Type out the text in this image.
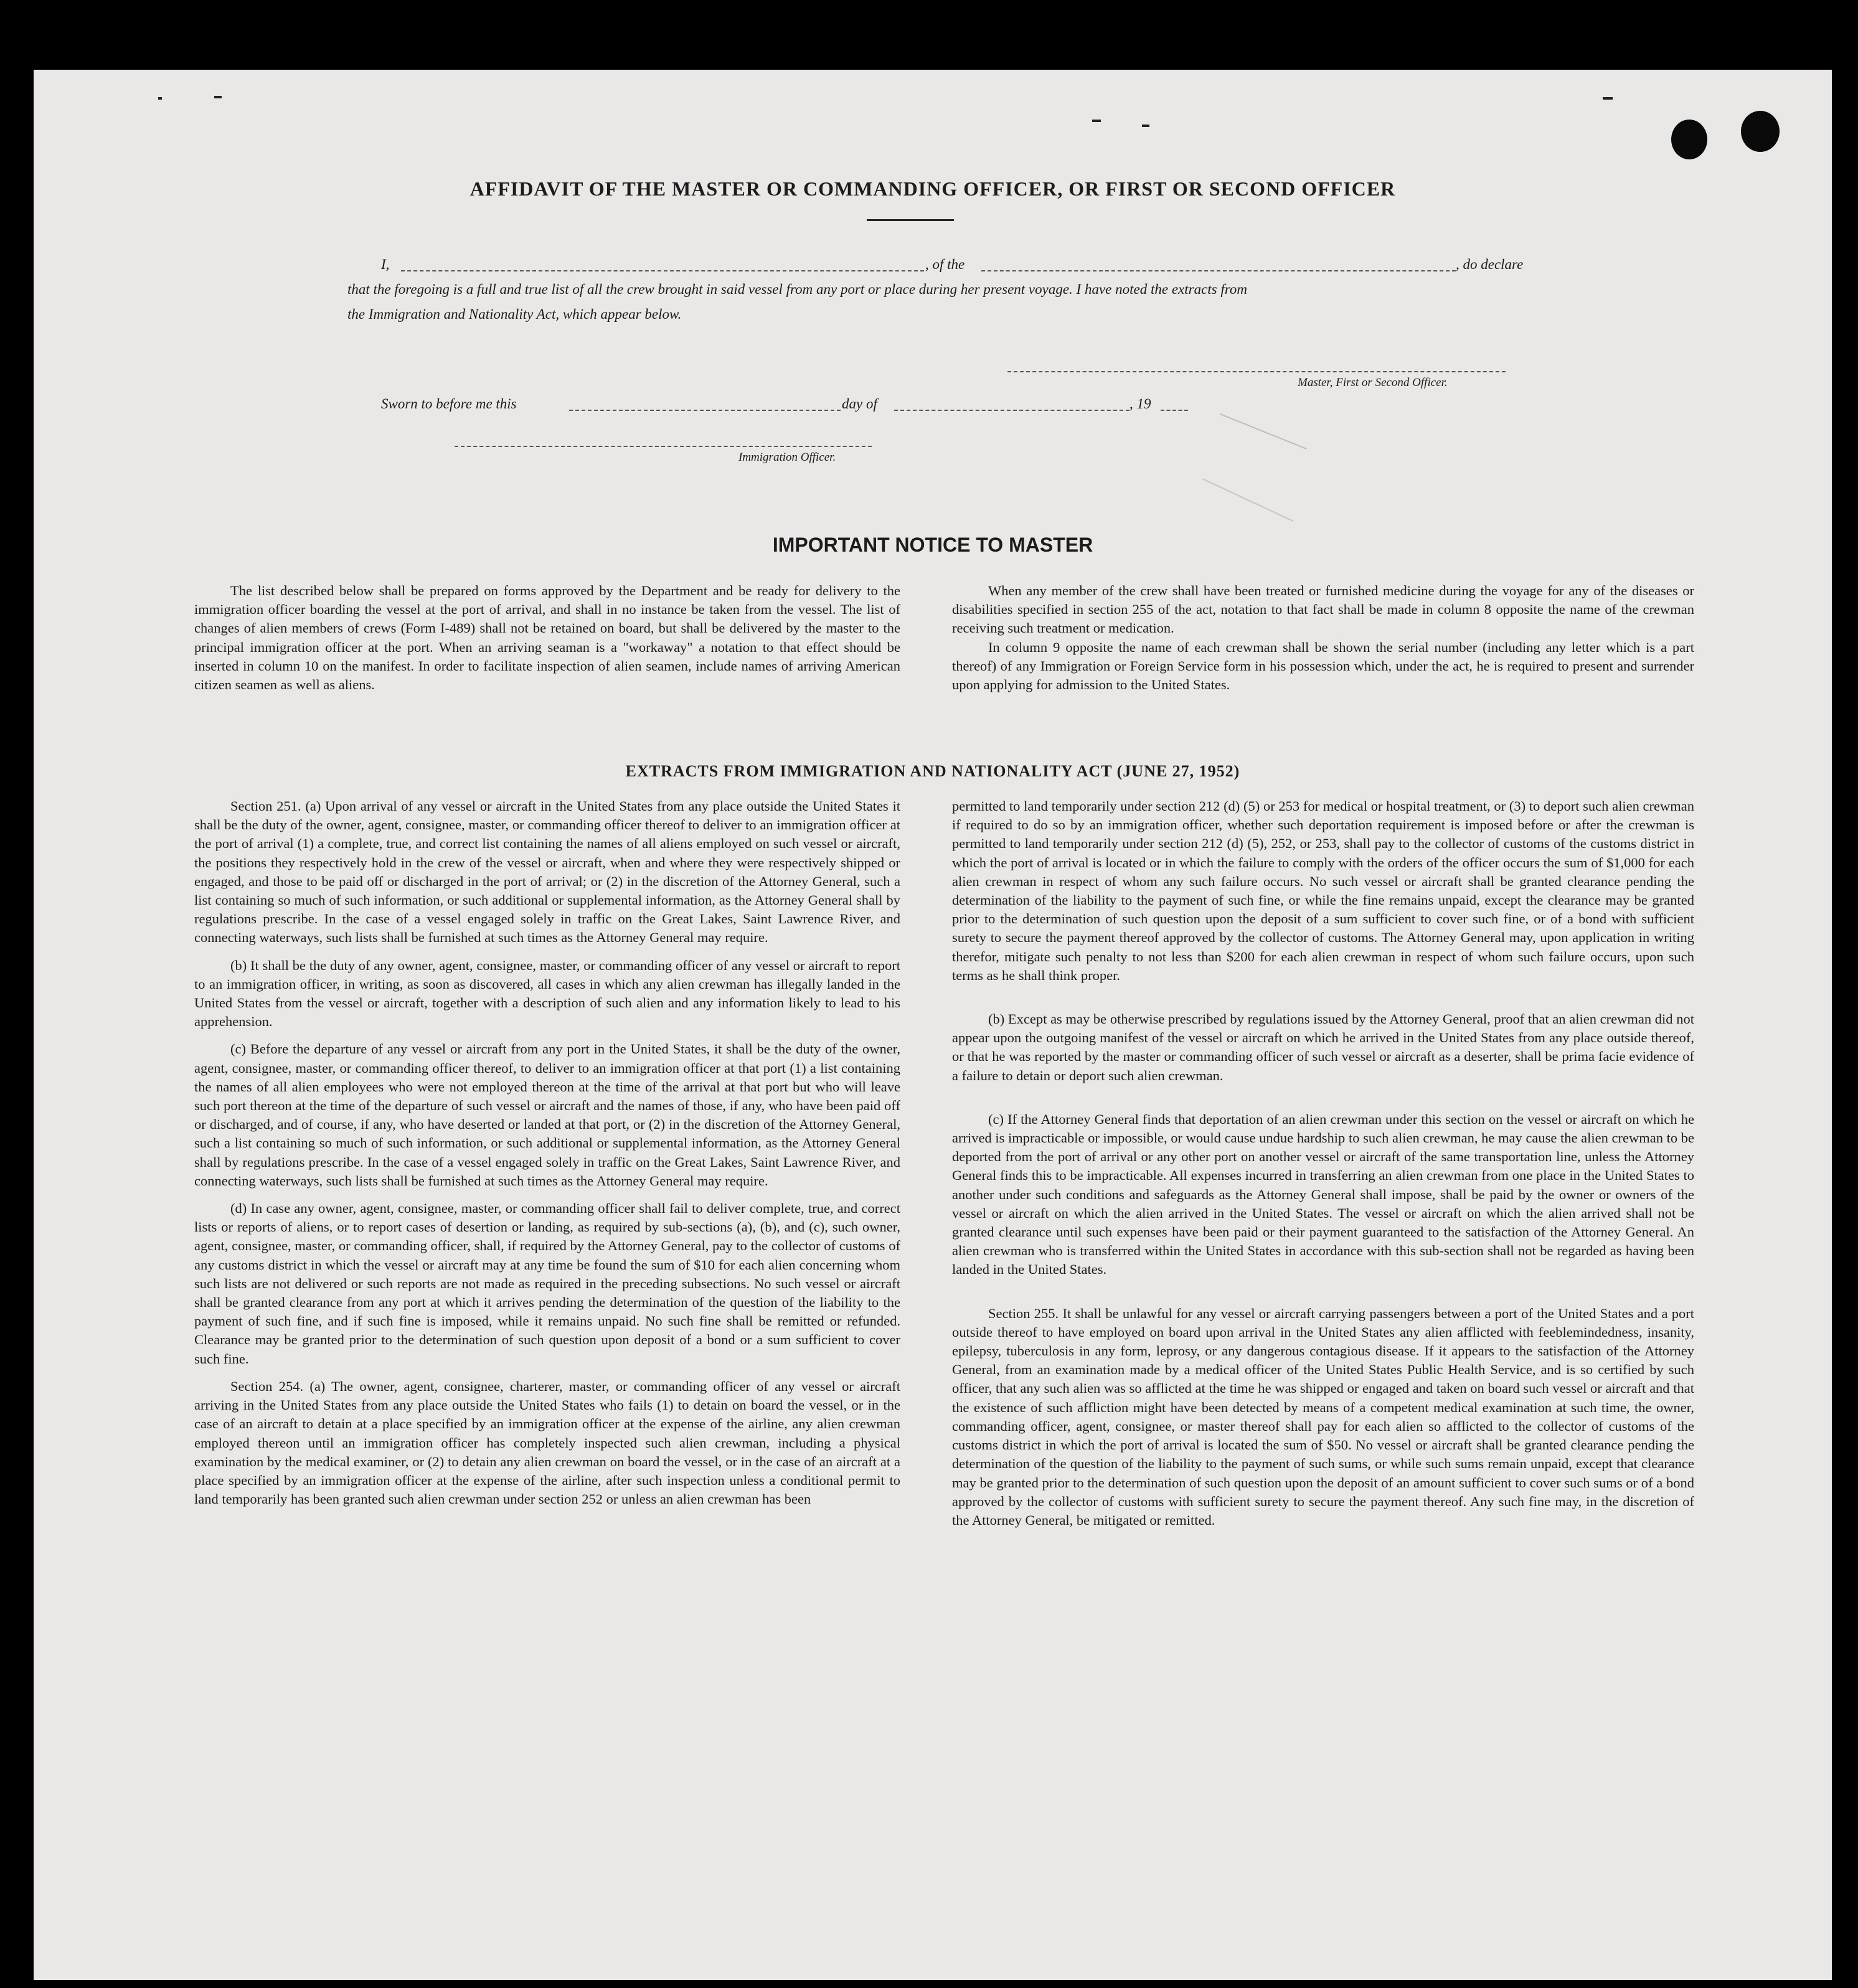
AFFIDAVIT OF THE MASTER OR COMMANDING OFFICER, OR FIRST OR SECOND OFFICER
I,	, of the	, do declare
that the foregoing is a full and true list of all the crew brought in said vessel from any port or place during her present voyage. I have noted the extracts from
the Immigration and Nationality Act, which appear below.
Master, First or Second Officer.
Sworn to before me this	day of	, 19
Immigration Officer.
IMPORTANT NOTICE TO MASTER

The list described below shall be prepared on forms approved by the Department and be ready for delivery to the immigration officer boarding the vessel at the port of arrival, and shall in no instance be taken from the vessel. The list of changes of alien members of crews (Form I-489) shall not be retained on board, but shall be delivered by the master to the principal immigration officer at the port. When an arriving seaman is a "workaway" a notation to that effect should be inserted in column 10 on the manifest. In order to facilitate inspection of alien seamen, include names of arriving American citizen seamen as well as aliens.

When any member of the crew shall have been treated or furnished medicine during the voyage for any of the diseases or disabilities specified in section 255 of the act, notation to that fact shall be made in column 8 opposite the name of the crewman receiving such treatment or medication.

In column 9 opposite the name of each crewman shall be shown the serial number (including any letter which is a part thereof) of any Immigration or Foreign Service form in his possession which, under the act, he is required to present and surrender upon applying for admission to the United States.

EXTRACTS FROM IMMIGRATION AND NATIONALITY ACT (JUNE 27, 1952)

Section 251. (a) Upon arrival of any vessel or aircraft in the United States from any place outside the United States it shall be the duty of the owner, agent, consignee, master, or commanding officer thereof to deliver to an immigration officer at the port of arrival (1) a complete, true, and correct list containing the names of all aliens employed on such vessel or aircraft, the positions they respectively hold in the crew of the vessel or aircraft, when and where they were respectively shipped or engaged, and those to be paid off or discharged in the port of arrival; or (2) in the discretion of the Attorney General, such a list containing so much of such information, or such additional or supplemental information, as the Attorney General shall by regulations prescribe. In the case of a vessel engaged solely in traffic on the Great Lakes, Saint Lawrence River, and connecting waterways, such lists shall be furnished at such times as the Attorney General may require.

(b) It shall be the duty of any owner, agent, consignee, master, or commanding officer of any vessel or aircraft to report to an immigration officer, in writing, as soon as discovered, all cases in which any alien crewman has illegally landed in the United States from the vessel or aircraft, together with a description of such alien and any information likely to lead to his apprehension.

(c) Before the departure of any vessel or aircraft from any port in the United States, it shall be the duty of the owner, agent, consignee, master, or commanding officer thereof, to deliver to an immigration officer at that port (1) a list containing the names of all alien employees who were not employed thereon at the time of the arrival at that port but who will leave such port thereon at the time of the departure of such vessel or aircraft and the names of those, if any, who have been paid off or discharged, and of course, if any, who have deserted or landed at that port, or (2) in the discretion of the Attorney General, such a list containing so much of such information, or such additional or supplemental information, as the Attorney General shall by regulations prescribe. In the case of a vessel engaged solely in traffic on the Great Lakes, Saint Lawrence River, and connecting waterways, such lists shall be furnished at such times as the Attorney General may require.

(d) In case any owner, agent, consignee, master, or commanding officer shall fail to deliver complete, true, and correct lists or reports of aliens, or to report cases of desertion or landing, as required by sub-sections (a), (b), and (c), such owner, agent, consignee, master, or commanding officer, shall, if required by the Attorney General, pay to the collector of customs of any customs district in which the vessel or aircraft may at any time be found the sum of $10 for each alien concerning whom such lists are not delivered or such reports are not made as required in the preceding subsections. No such vessel or aircraft shall be granted clearance from any port at which it arrives pending the determination of the question of the liability to the payment of such fine, and if such fine is imposed, while it remains unpaid. No such fine shall be remitted or refunded. Clearance may be granted prior to the determination of such question upon deposit of a bond or a sum sufficient to cover such fine.

Section 254. (a) The owner, agent, consignee, charterer, master, or commanding officer of any vessel or aircraft arriving in the United States from any place outside the United States who fails (1) to detain on board the vessel, or in the case of an aircraft to detain at a place specified by an immigration officer at the expense of the airline, any alien crewman employed thereon until an immigration officer has completely inspected such alien crewman, including a physical examination by the medical examiner, or (2) to detain any alien crewman on board the vessel, or in the case of an aircraft at a place specified by an immigration officer at the expense of the airline, after such inspection unless a conditional permit to land temporarily has been granted such alien crewman under section 252 or unless an alien crewman has been

permitted to land temporarily under section 212 (d) (5) or 253 for medical or hospital treatment, or (3) to deport such alien crewman if required to do so by an immigration officer, whether such deportation requirement is imposed before or after the crewman is permitted to land temporarily under section 212 (d) (5), 252, or 253, shall pay to the collector of customs of the customs district in which the port of arrival is located or in which the failure to comply with the orders of the officer occurs the sum of $1,000 for each alien crewman in respect of whom any such failure occurs. No such vessel or aircraft shall be granted clearance pending the determination of the liability to the payment of such fine, or while the fine remains unpaid, except the clearance may be granted prior to the determination of such question upon the deposit of a sum sufficient to cover such fine, or of a bond with sufficient surety to secure the payment thereof approved by the collector of customs. The Attorney General may, upon application in writing therefor, mitigate such penalty to not less than $200 for each alien crewman in respect of whom such failure occurs, upon such terms as he shall think proper.

(b) Except as may be otherwise prescribed by regulations issued by the Attorney General, proof that an alien crewman did not appear upon the outgoing manifest of the vessel or aircraft on which he arrived in the United States from any place outside thereof, or that he was reported by the master or commanding officer of such vessel or aircraft as a deserter, shall be prima facie evidence of a failure to detain or deport such alien crewman.

(c) If the Attorney General finds that deportation of an alien crewman under this section on the vessel or aircraft on which he arrived is impracticable or impossible, or would cause undue hardship to such alien crewman, he may cause the alien crewman to be deported from the port of arrival or any other port on another vessel or aircraft of the same transportation line, unless the Attorney General finds this to be impracticable. All expenses incurred in transferring an alien crewman from one place in the United States to another under such conditions and safeguards as the Attorney General shall impose, shall be paid by the owner or owners of the vessel or aircraft on which the alien arrived in the United States. The vessel or aircraft on which the alien arrived shall not be granted clearance until such expenses have been paid or their payment guaranteed to the satisfaction of the Attorney General. An alien crewman who is transferred within the United States in accordance with this sub-section shall not be regarded as having been landed in the United States.

Section 255. It shall be unlawful for any vessel or aircraft carrying passengers between a port of the United States and a port outside thereof to have employed on board upon arrival in the United States any alien afflicted with feeblemindedness, insanity, epilepsy, tuberculosis in any form, leprosy, or any dangerous contagious disease. If it appears to the satisfaction of the Attorney General, from an examination made by a medical officer of the United States Public Health Service, and is so certified by such officer, that any such alien was so afflicted at the time he was shipped or engaged and taken on board such vessel or aircraft and that the existence of such affliction might have been detected by means of a competent medical examination at such time, the owner, commanding officer, agent, consignee, or master thereof shall pay for each alien so afflicted to the collector of customs of the customs district in which the port of arrival is located the sum of $50. No vessel or aircraft shall be granted clearance pending the determination of the question of the liability to the payment of such sums, or while such sums remain unpaid, except that clearance may be granted prior to the determination of such question upon the deposit of an amount sufficient to cover such sums or of a bond approved by the collector of customs with sufficient surety to secure the payment thereof. Any such fine may, in the discretion of the Attorney General, be mitigated or remitted.
